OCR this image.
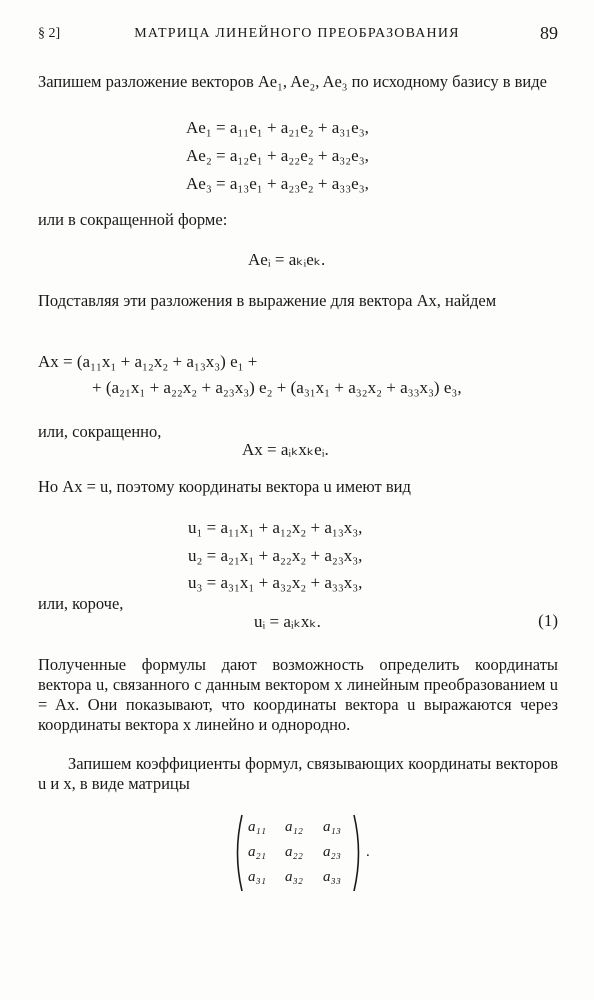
§ 2]	МАТРИЦА ЛИНЕЙНОГО ПРЕОБРАЗОВАНИЯ	89
Запишем разложение векторов Ae₁, Ae₂, Ae₃ по исходному базису в виде
Ae₁ = a₁₁e₁ + a₂₁e₂ + a₃₁e₃,
Ae₂ = a₁₂e₁ + a₂₂e₂ + a₃₂e₃,
Ae₃ = a₁₃e₁ + a₂₃e₂ + a₃₃e₃,
или в сокращенной форме:
Aeᵢ = aₖᵢeₖ.
Подставляя эти разложения в выражение для вектора Ax, найдем
Ax = (a₁₁x₁ + a₁₂x₂ + a₁₃x₃) e₁ +
+ (a₂₁x₁ + a₂₂x₂ + a₂₃x₃) e₂ + (a₃₁x₁ + a₃₂x₂ + a₃₃x₃) e₃,
или, сокращенно,
Ax = aᵢₖxₖeᵢ.
Но Ax = u, поэтому координаты вектора u имеют вид
u₁ = a₁₁x₁ + a₁₂x₂ + a₁₃x₃,
u₂ = a₂₁x₁ + a₂₂x₂ + a₂₃x₃,
u₃ = a₃₁x₁ + a₃₂x₂ + a₃₃x₃,
или, короче,
uᵢ = aᵢₖxₖ.	(1)
Полученные формулы дают возможность определить координаты вектора u, связанного с данным вектором x линейным преобразованием u = Ax. Они показывают, что координаты вектора u выражаются через координаты вектора x линейно и однородно.
Запишем коэффициенты формул, связывающих координаты векторов u и x, в виде матрицы
a₁₁ a₁₂ a₁₃
a₂₁ a₂₂ a₂₃
a₃₁ a₃₂ a₃₃
.
